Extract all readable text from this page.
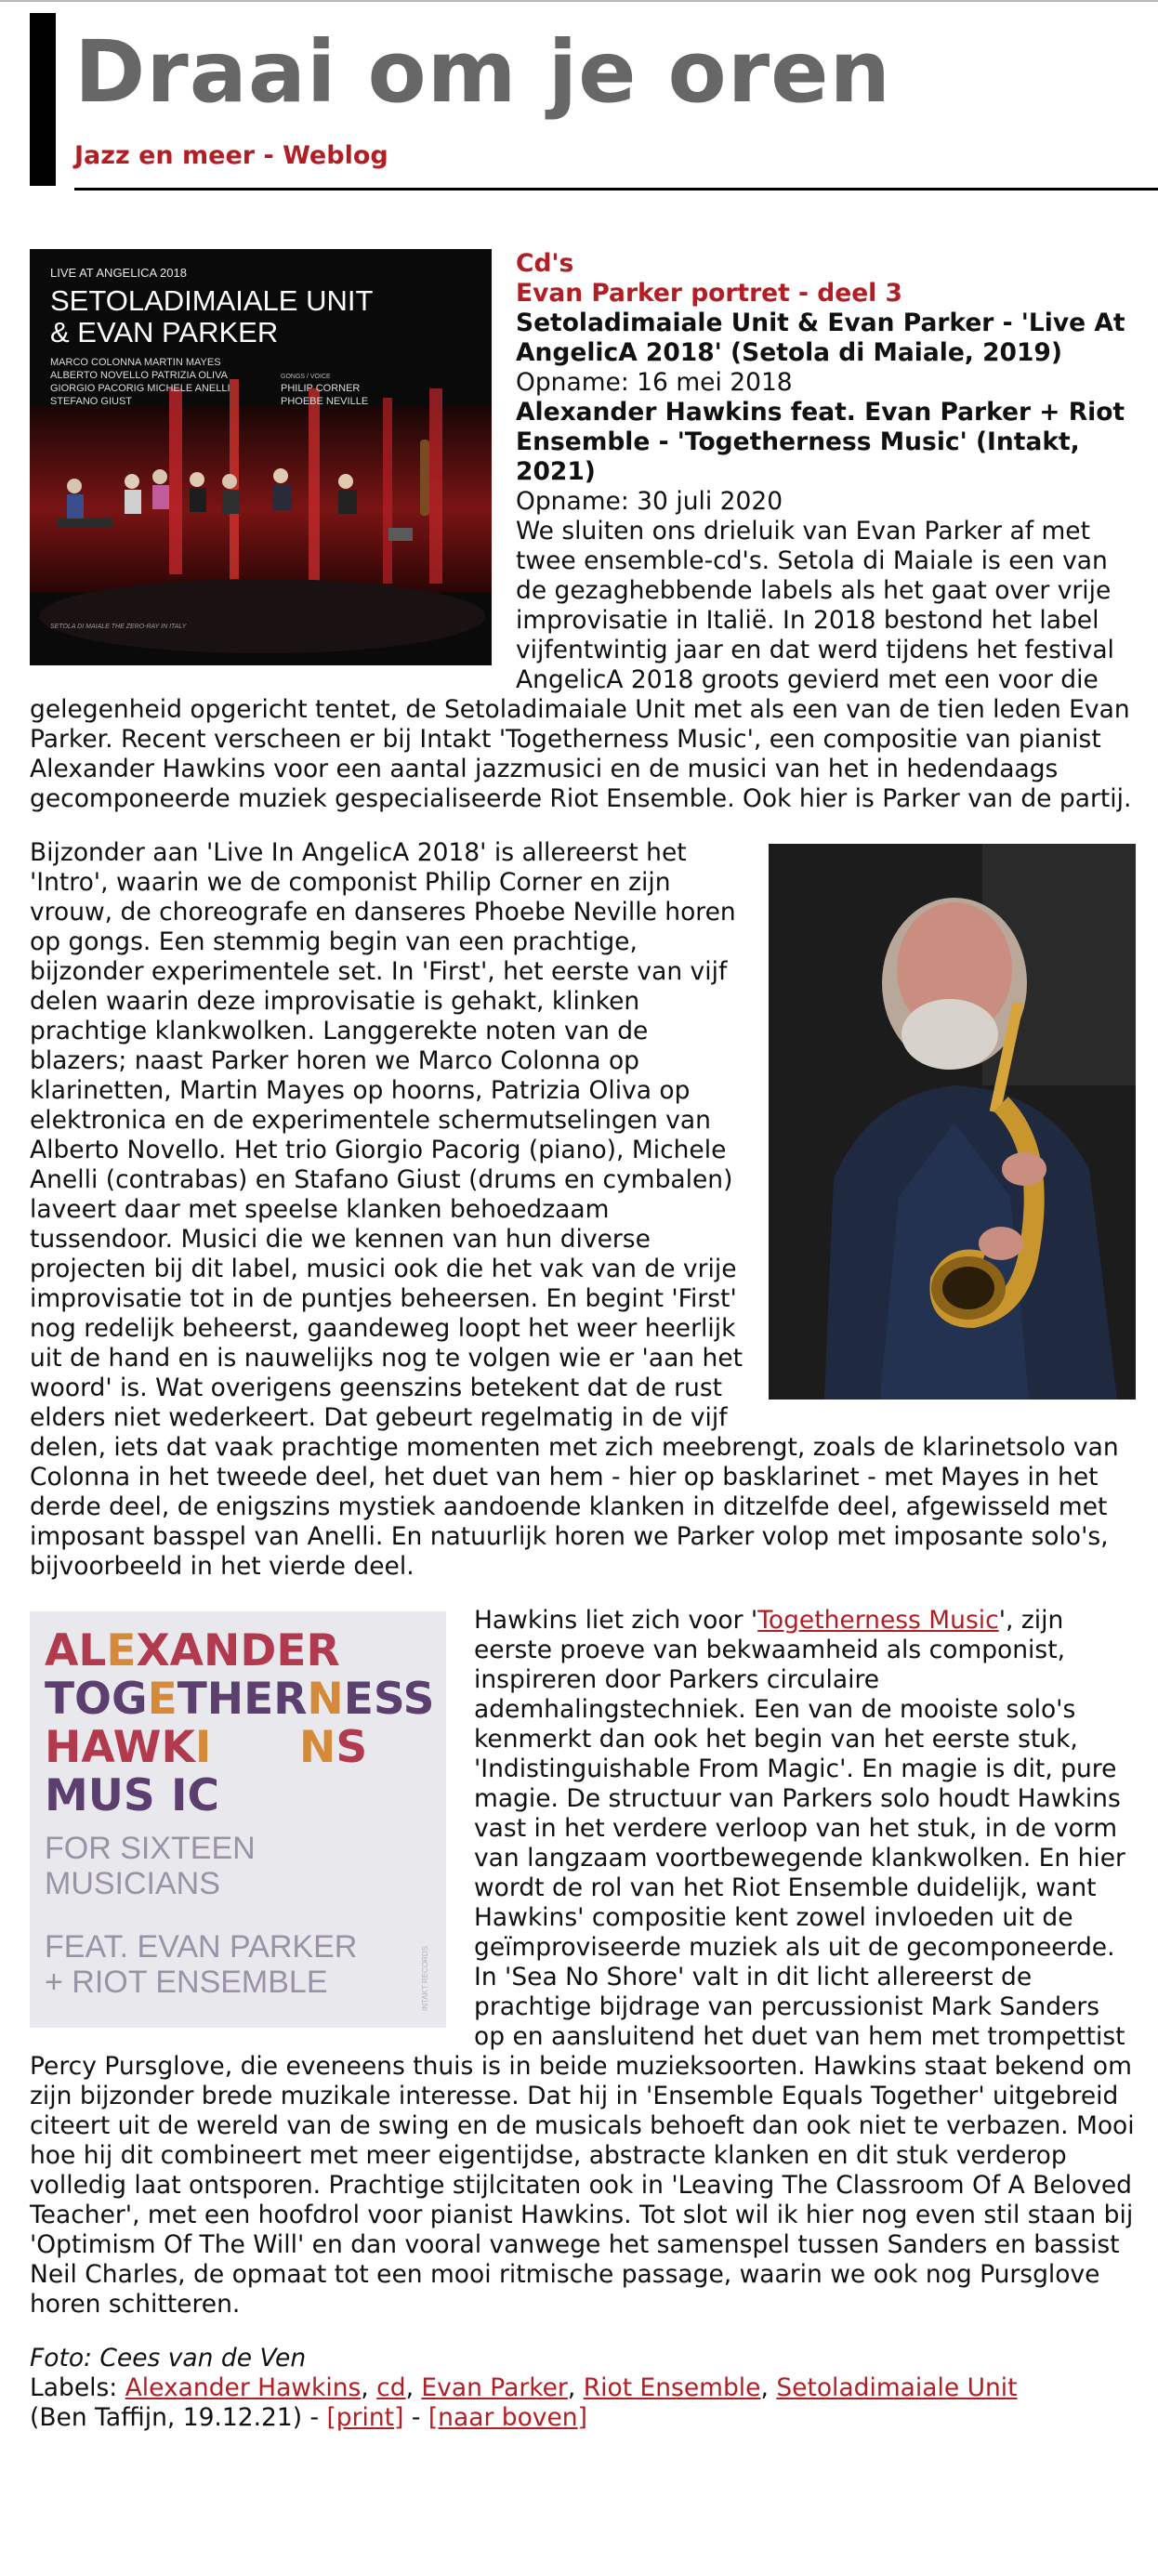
Draai om je oren
Jazz en meer - Weblog
LIVE AT ANGELICA 2018
SETOLADIMAIALE UNIT
& EVAN PARKER
MARCO COLONNA MARTIN MAYES
ALBERTO NOVELLO PATRIZIA OLIVA
GIORGIO PACORIG MICHELE ANELLI
STEFANO GIUST
GONGS / VOICE
PHILIP CORNER
PHOEBE NEVILLE
SETOLA DI MAIALE THE ZERO-RAY IN ITALY

Cd's

Evan Parker portret - deel 3

Setoladimaiale Unit & Evan Parker - 'Live At AngelicA 2018' (Setola di Maiale, 2019)

Opname: 16 mei 2018

Alexander Hawkins feat. Evan Parker + Riot Ensemble - 'Togetherness Music' (Intakt, 2021)

Opname: 30 juli 2020

We sluiten ons drieluik van Evan Parker af met twee ensemble-cd's. Setola di Maiale is een van de gezaghebbende labels als het gaat over vrije improvisatie in Italië. In 2018 bestond het label vijfentwintig jaar en dat werd tijdens het festival AngelicA 2018 groots gevierd met een voor die gelegenheid opgericht tentet, de Setoladimaiale Unit met als een van de tien leden Evan Parker. Recent verscheen er bij Intakt 'Togetherness Music', een compositie van pianist Alexander Hawkins voor een aantal jazzmusici en de musici van het in hedendaags gecomponeerde muziek gespecialiseerde Riot Ensemble. Ook hier is Parker van de partij.

Bijzonder aan 'Live In AngelicA 2018' is allereerst het 'Intro', waarin we de componist Philip Corner en zijn vrouw, de choreografe en danseres Phoebe Neville horen op gongs. Een stemmig begin van een prachtige, bijzonder experimentele set. In 'First', het eerste van vijf delen waarin deze improvisatie is gehakt, klinken prachtige klankwolken. Langgerekte noten van de blazers; naast Parker horen we Marco Colonna op klarinetten, Martin Mayes op hoorns, Patrizia Oliva op elektronica en de experimentele schermutselingen van Alberto Novello. Het trio Giorgio Pacorig (piano), Michele Anelli (contrabas) en Stafano Giust (drums en cymbalen) laveert daar met speelse klanken behoedzaam tussendoor. Musici die we kennen van hun diverse projecten bij dit label, musici ook die het vak van de vrije improvisatie tot in de puntjes beheersen. En begint 'First' nog redelijk beheerst, gaandeweg loopt het weer heerlijk uit de hand en is nauwelijks nog te volgen wie er 'aan het woord' is. Wat overigens geenszins betekent dat de rust elders niet wederkeert. Dat gebeurt regelmatig in de vijf delen, iets dat vaak prachtige momenten met zich meebrengt, zoals de klarinetsolo van Colonna in het tweede deel, het duet van hem - hier op basklarinet - met Mayes in het derde deel, de enigszins mystiek aandoende klanken in ditzelfde deel, afgewisseld met imposant basspel van Anelli. En natuurlijk horen we Parker volop met imposante solo's, bijvoorbeeld in het vierde deel.

ALEXANDER
TOGETHERNESS
HAWKI NS
MUS IC
FOR SIXTEEN
MUSICIANS
FEAT. EVAN PARKER
+ RIOT ENSEMBLE	INTAKT RECORDS

Hawkins liet zich voor 'Togetherness Music', zijn eerste proeve van bekwaamheid als componist, inspireren door Parkers circulaire ademhalingstechniek. Een van de mooiste solo's kenmerkt dan ook het begin van het eerste stuk, 'Indistinguishable From Magic'. En magie is dit, pure magie. De structuur van Parkers solo houdt Hawkins vast in het verdere verloop van het stuk, in de vorm van langzaam voortbewegende klankwolken. En hier wordt de rol van het Riot Ensemble duidelijk, want Hawkins' compositie kent zowel invloeden uit de geïmproviseerde muziek als uit de gecomponeerde. In 'Sea No Shore' valt in dit licht allereerst de prachtige bijdrage van percussionist Mark Sanders op en aansluitend het duet van hem met trompettist Percy Pursglove, die eveneens thuis is in beide muzieksoorten. Hawkins staat bekend om zijn bijzonder brede muzikale interesse. Dat hij in 'Ensemble Equals Together' uitgebreid citeert uit de wereld van de swing en de musicals behoeft dan ook niet te verbazen. Mooi hoe hij dit combineert met meer eigentijdse, abstracte klanken en dit stuk verderop volledig laat ontsporen. Prachtige stijlcitaten ook in 'Leaving The Classroom Of A Beloved Teacher', met een hoofdrol voor pianist Hawkins. Tot slot wil ik hier nog even stil staan bij 'Optimism Of The Will' en dan vooral vanwege het samenspel tussen Sanders en bassist Neil Charles, de opmaat tot een mooi ritmische passage, waarin we ook nog Pursglove horen schitteren.

Foto: Cees van de Ven

Labels: Alexander Hawkins, cd, Evan Parker, Riot Ensemble, Setoladimaiale Unit

(Ben Taffijn, 19.12.21) - [print] - [naar boven]
